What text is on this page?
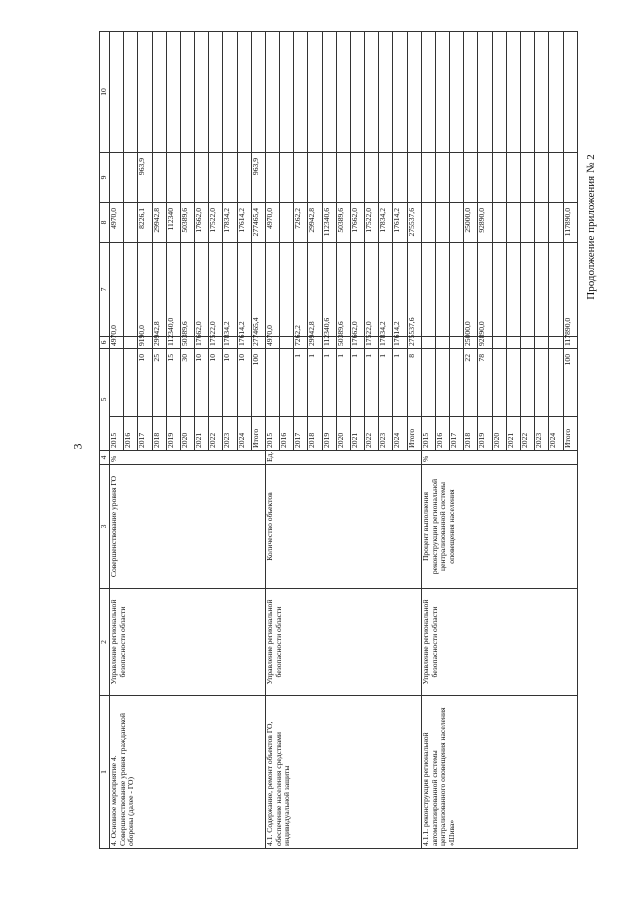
3
Продолжение приложения № 2
1	2	3	4	5		6	7	8	9	10
4. Основное мероприятие 4. Совершенствование уровня гражданской обороны (далее - ГО)	Управление региональной безопасности области	Совершенствование уровня ГО	%	2015		4970,0		4970,0		
				2016						
				2017	10	9190,0		8226,1	963,9	
				2018	25	29942,8		29942,8		
				2019	15	112340,0		112340		
				2020	30	50389,6		50389,6		
				2021	10	17662,0		17662,0		
				2022	10	17522,0		17522,0		
				2023	10	17834,2		17834,2		
				2024	10	17614,2		17614,2		
				Итого	100	277465,4		277465,4	963,9	
4.1. Содержание, ремонт объектов ГО, обеспечение населения средствами индивидуальной защиты	Управление региональной безопасности области	Количество объектов	Ед.	2015		4970,0		4970,0		
				2016						
				2017	1	7262,2		7262,2		
				2018	1	29942,8		29942,8		
				2019	1	112340,6		112340,6		
				2020	1	50389,6		50389,6		
				2021	1	17662,0		17662,0		
				2022	1	17522,0		17522,0		
				2023	1	17834,2		17834,2		
				2024	1	17614,2		17614,2		
				Итого	8	275537,6		275537,6		
4.1.1. реконструкция региональной автоматизированной системы централизованного оповещения населения «Шива»	Управление региональной безопасности области	Процент выполнения реконструкции региональной централизованной системы оповещения населения	%	2015						
				2016						
				2017						
				2018	22	25000,0		25000,0		
				2019	78	92890,0		92890,0		
				2020						
				2021						
				2022						
				2023						
				2024						
				Итого	100	117890,0		117890,0		
